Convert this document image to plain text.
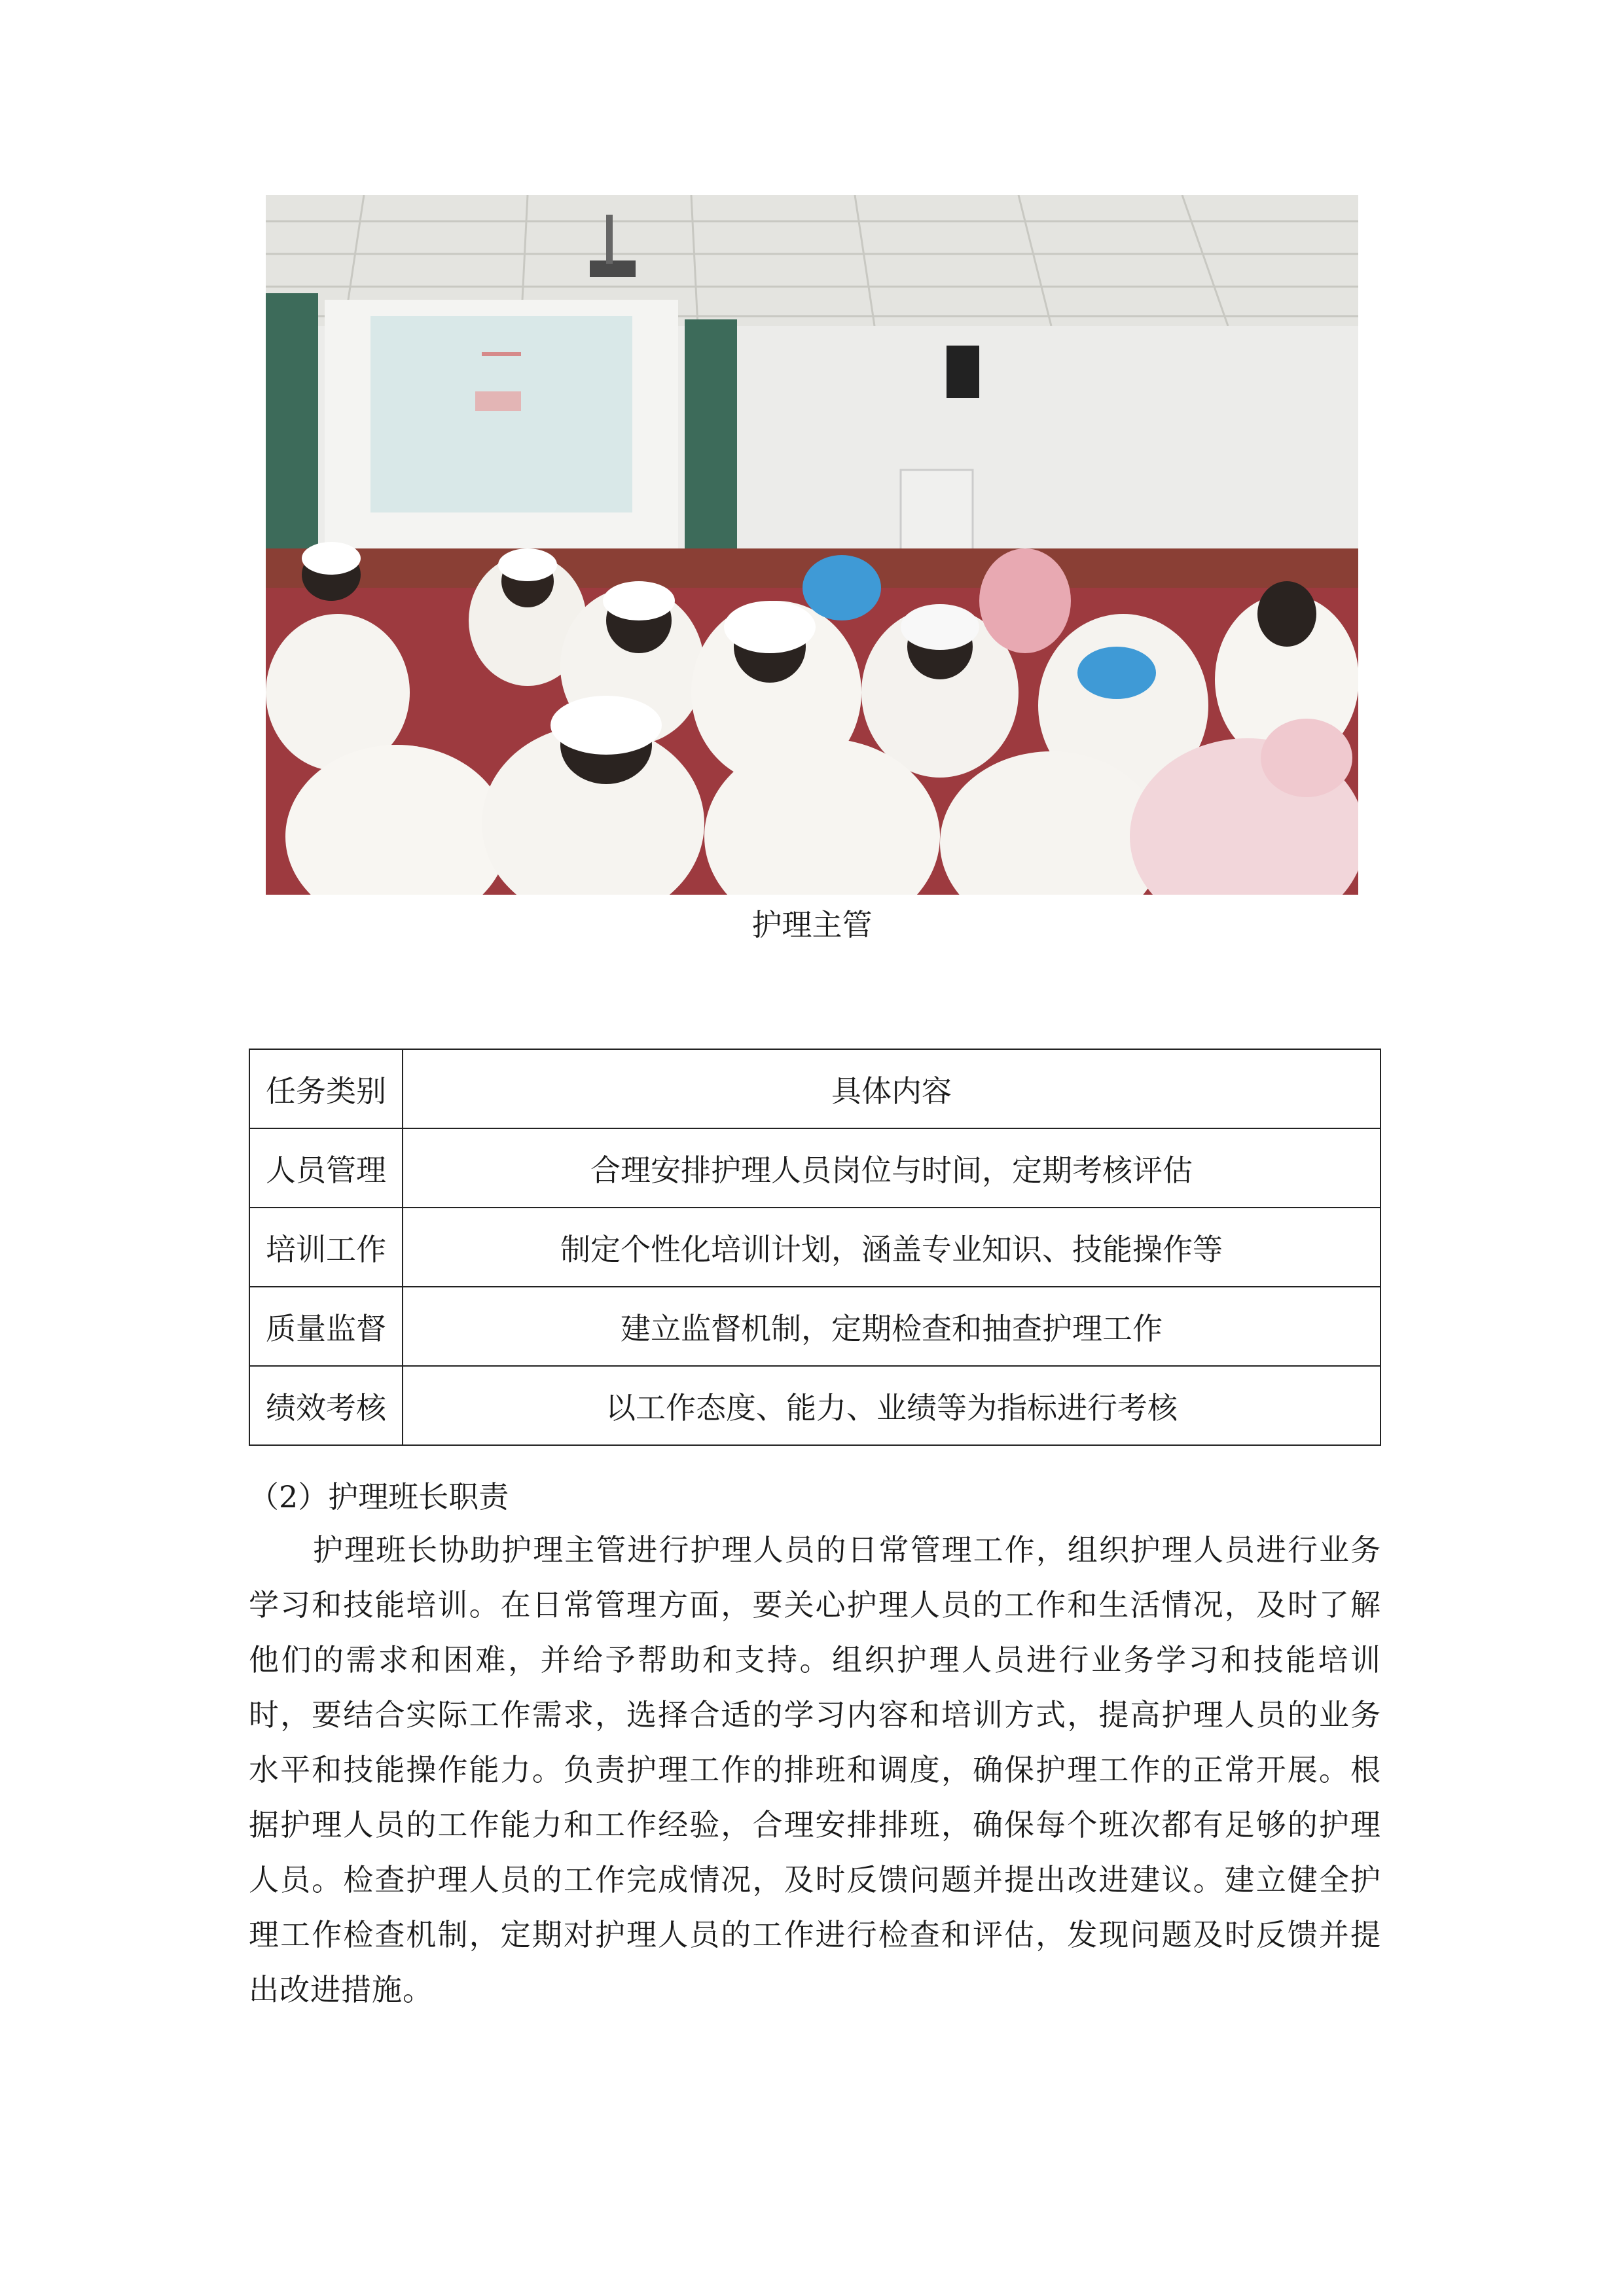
护理主管
任务类别	具体内容
人员管理	合理安排护理人员岗位与时间，定期考核评估
培训工作	制定个性化培训计划，涵盖专业知识、技能操作等
质量监督	建立监督机制，定期检查和抽查护理工作
绩效考核	以工作态度、能力、业绩等为指标进行考核
（2）护理班长职责
护理班长协助护理主管进行护理人员的日常管理工作，组织护理人员进行业务学习和技能培训。在日常管理方面，要关心护理人员的工作和生活情况，及时了解他们的需求和困难，并给予帮助和支持。组织护理人员进行业务学习和技能培训时，要结合实际工作需求，选择合适的学习内容和培训方式，提高护理人员的业务水平和技能操作能力。负责护理工作的排班和调度，确保护理工作的正常开展。根据护理人员的工作能力和工作经验，合理安排排班，确保每个班次都有足够的护理人员。检查护理人员的工作完成情况，及时反馈问题并提出改进建议。建立健全护理工作检查机制，定期对护理人员的工作进行检查和评估，发现问题及时反馈并提出改进措施。
